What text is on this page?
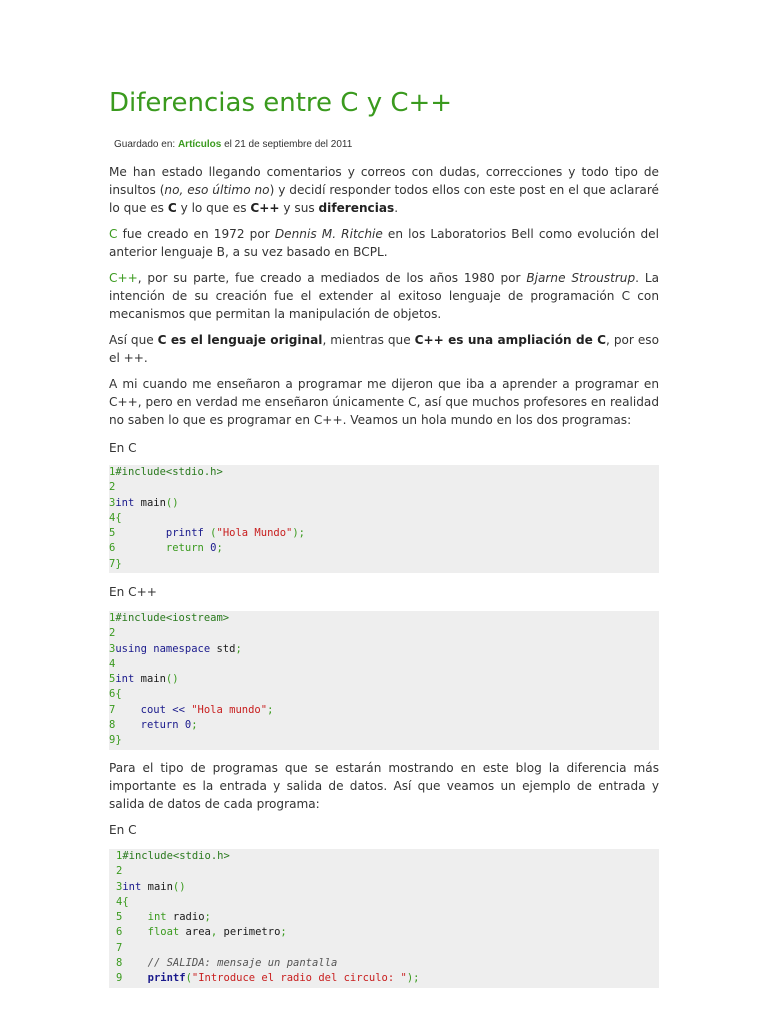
Diferencias entre C y C++
Guardado en: Artículos el 21 de septiembre del 2011

Me han estado llegando comentarios y correos con dudas, correcciones y todo tipo de insultos (no, eso último no) y decidí responder todos ellos con este post en el que aclararé lo que es C y lo que es C++ y sus diferencias.

C fue creado en 1972 por Dennis M. Ritchie en los Laboratorios Bell como evolución del anterior lenguaje B, a su vez basado en BCPL.

C++, por su parte, fue creado a mediados de los años 1980 por Bjarne Stroustrup. La intención de su creación fue el extender al exitoso lenguaje de programación C con mecanismos que permitan la manipulación de objetos.

Así que C es el lenguaje original, mientras que C++ es una ampliación de C, por eso el ++.

A mi cuando me enseñaron a programar me dijeron que iba a aprender a programar en C++, pero en verdad me enseñaron únicamente C, así que muchos profesores en realidad no saben lo que es programar en C++. Veamos un hola mundo en los dos programas:

En C

1#include<stdio.h>
2
3int main()
4{
5	printf ("Hola Mundo");
6	return 0;
7}

En C++

1#include<iostream>
2
3using namespace std;
4
5int main()
6{
7 cout << "Hola mundo";
8 return 0;
9}

Para el tipo de programas que se estarán mostrando en este blog la diferencia más importante es la entrada y salida de datos. Así que veamos un ejemplo de entrada y salida de datos de cada programa:

En C

1#include<stdio.h>
2
3int main()
4{
5 int radio;
6 float area, perimetro;
7
8 // SALIDA: mensaje un pantalla
9 printf("Introduce el radio del circulo: ");
